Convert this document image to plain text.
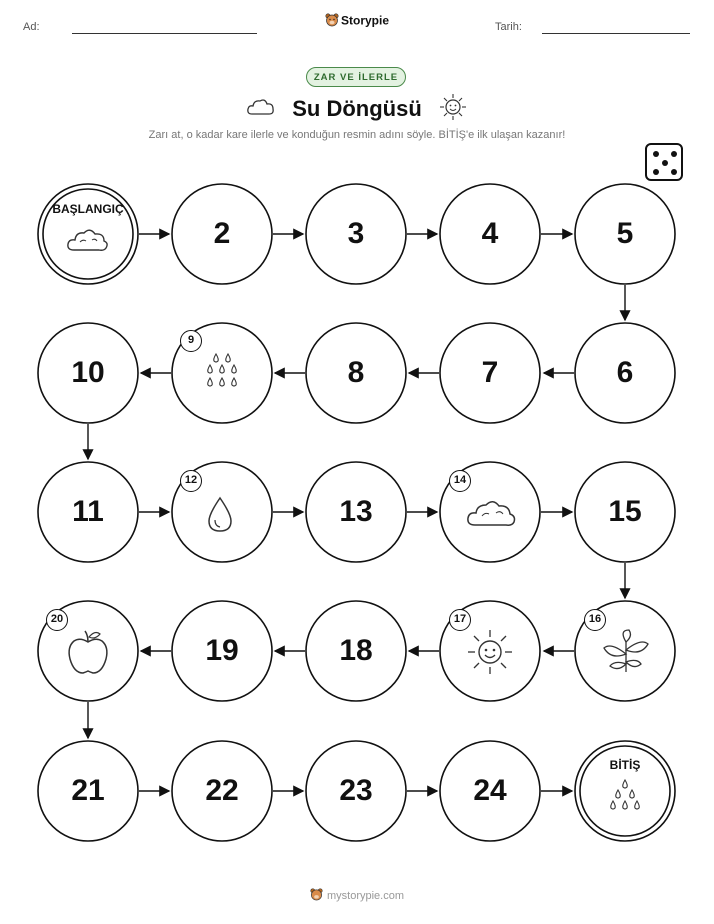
Ad:	Tarih:
Storypie
ZAR VE İLERLE
Su Döngüsü
Zarı at, o kadar kare ilerle ve konduğun resmin adını söyle. BİTİŞ'e ilk ulaşan kazanır!
BAŞLANGIÇ
2	3	4	5
6
7
8
10
11	13	15
18
19
21	22	23	24
9
12	14
16
17
20
BİTİŞ
mystorypie.com
